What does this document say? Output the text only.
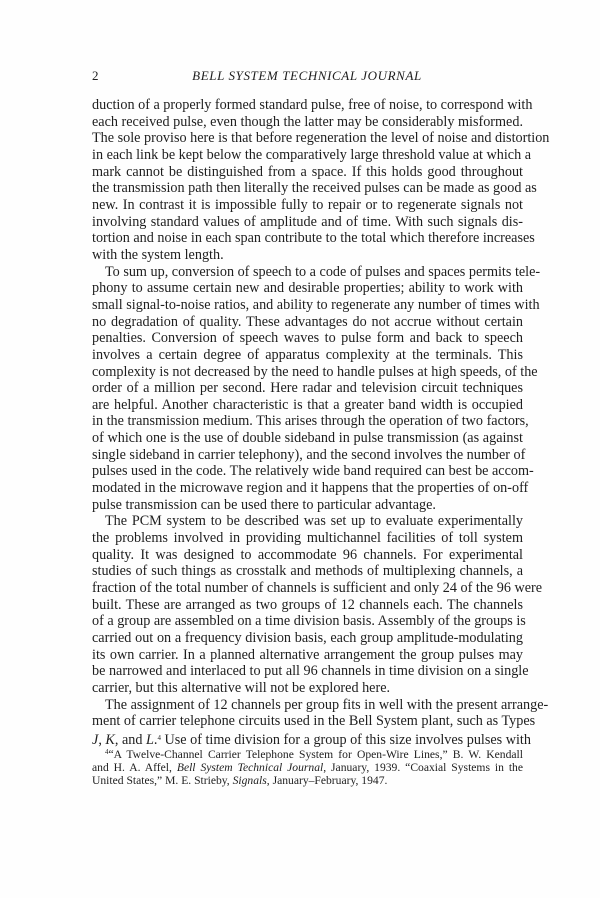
2	BELL SYSTEM TECHNICAL JOURNAL
duction of a properly formed standard pulse, free of noise, to correspond with
each received pulse, even though the latter may be considerably misformed.
The sole proviso here is that before regeneration the level of noise and distortion
in each link be kept below the comparatively large threshold value at which a
mark cannot be distinguished from a space. If this holds good throughout
the transmission path then literally the received pulses can be made as good as
new. In contrast it is impossible fully to repair or to regenerate signals not
involving standard values of amplitude and of time. With such signals dis-
tortion and noise in each span contribute to the total which therefore increases
with the system length.
To sum up, conversion of speech to a code of pulses and spaces permits tele-
phony to assume certain new and desirable properties; ability to work with
small signal-to-noise ratios, and ability to regenerate any number of times with
no degradation of quality. These advantages do not accrue without certain
penalties. Conversion of speech waves to pulse form and back to speech
involves a certain degree of apparatus complexity at the terminals. This
complexity is not decreased by the need to handle pulses at high speeds, of the
order of a million per second. Here radar and television circuit techniques
are helpful. Another characteristic is that a greater band width is occupied
in the transmission medium. This arises through the operation of two factors,
of which one is the use of double sideband in pulse transmission (as against
single sideband in carrier telephony), and the second involves the number of
pulses used in the code. The relatively wide band required can best be accom-
modated in the microwave region and it happens that the properties of on-off
pulse transmission can be used there to particular advantage.
The PCM system to be described was set up to evaluate experimentally
the problems involved in providing multichannel facilities of toll system
quality. It was designed to accommodate 96 channels. For experimental
studies of such things as crosstalk and methods of multiplexing channels, a
fraction of the total number of channels is sufficient and only 24 of the 96 were
built. These are arranged as two groups of 12 channels each. The channels
of a group are assembled on a time division basis. Assembly of the groups is
carried out on a frequency division basis, each group amplitude-modulating
its own carrier. In a planned alternative arrangement the group pulses may
be narrowed and interlaced to put all 96 channels in time division on a single
carrier, but this alternative will not be explored here.
The assignment of 12 channels per group fits in well with the present arrange-
ment of carrier telephone circuits used in the Bell System plant, such as Types
J, K, and L.$^4$ Use of time division for a group of this size involves pulses with
$^4$“A Twelve-Channel Carrier Telephone System for Open-Wire Lines,” B. W. Kendall
and H. A. Affel, Bell System Technical Journal, January, 1939. “Coaxial Systems in the
United States,” M. E. Strieby, Signals, January–February, 1947.
